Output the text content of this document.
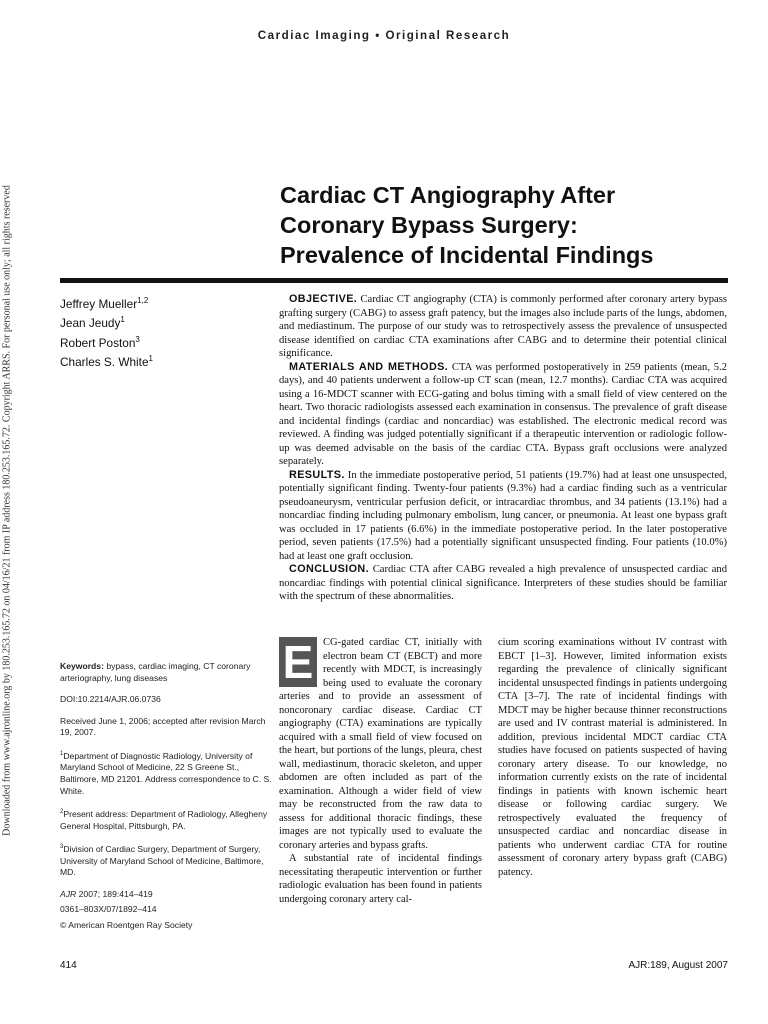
Downloaded from www.ajronline.org by 180.253.165.72 on 04/16/21 from IP address 180.253.165.72. Copyright ARRS. For personal use only; all rights reserved
Cardiac Imaging • Original Research
Cardiac CT Angiography After
Coronary Bypass Surgery:
Prevalence of Incidental Findings
Jeffrey Mueller$^{1,2}$
Jean Jeudy$^1$
Robert Poston$^3$
Charles S. White$^1$

OBJECTIVE. Cardiac CT angiography (CTA) is commonly performed after coronary artery bypass grafting surgery (CABG) to assess graft patency, but the images also include parts of the lungs, abdomen, and mediastinum. The purpose of our study was to retrospectively assess the prevalence of unsuspected disease identified on cardiac CTA examinations after CABG and to determine their potential clinical significance.

MATERIALS AND METHODS. CTA was performed postoperatively in 259 patients (mean, 5.2 days), and 40 patients underwent a follow-up CT scan (mean, 12.7 months). Cardiac CTA was acquired using a 16-MDCT scanner with ECG-gating and bolus timing with a small field of view centered on the heart. Two thoracic radiologists assessed each examination in consensus. The prevalence of graft disease and incidental findings (cardiac and noncardiac) was established. The electronic medical record was reviewed. A finding was judged potentially significant if a therapeutic intervention or radiologic follow-up was deemed advisable on the basis of the cardiac CTA. Bypass graft occlusions were analyzed separately.

RESULTS. In the immediate postoperative period, 51 patients (19.7%) had at least one unsuspected, potentially significant finding. Twenty-four patients (9.3%) had a cardiac finding such as a ventricular pseudoaneurysm, ventricular perfusion deficit, or intracardiac thrombus, and 34 patients (13.1%) had a noncardiac finding including pulmonary embolism, lung cancer, or pneumonia. At least one bypass graft was occluded in 17 patients (6.6%) in the immediate postoperative period. In the later postoperative period, seven patients (17.5%) had a potentially significant unsuspected finding. Four patients (10.0%) had at least one graft occlusion.

CONCLUSION. Cardiac CTA after CABG revealed a high prevalence of unsuspected cardiac and noncardiac findings with potential clinical significance. Interpreters of these studies should be familiar with the spectrum of these abnormalities.

Keywords: bypass, cardiac imaging, CT coronary arteriography, lung diseases

DOI:10.2214/AJR.06.0736

Received June 1, 2006; accepted after revision March 19, 2007.

$^1$Department of Diagnostic Radiology, University of Maryland School of Medicine, 22 S Greene St., Baltimore, MD 21201. Address correspondence to C. S. White.

$^2$Present address: Department of Radiology, Allegheny General Hospital, Pittsburgh, PA.

$^3$Division of Cardiac Surgery, Department of Surgery, University of Maryland School of Medicine, Baltimore, MD.

AJR 2007; 189:414–419

0361–803X/07/1892–414

© American Roentgen Ray Society

E CG-gated cardiac CT, initially with electron beam CT (EBCT) and more recently with MDCT, is increasingly being used to evaluate the coronary arteries and to provide an assessment of noncoronary cardiac disease. Cardiac CT angiography (CTA) examinations are typically acquired with a small field of view focused on the heart, but portions of the lungs, pleura, chest wall, mediastinum, thoracic skeleton, and upper abdomen are often included as part of the examination. Although a wider field of view may be reconstructed from the raw data to assess for additional thoracic findings, these images are not typically used to evaluate the coronary arteries and bypass grafts.

A substantial rate of incidental findings necessitating therapeutic intervention or further radiologic evaluation has been found in patients undergoing coronary artery cal-

cium scoring examinations without IV contrast with EBCT [1–3]. However, limited information exists regarding the prevalence of clinically significant incidental unsuspected findings in patients undergoing CTA [3–7]. The rate of incidental findings with MDCT may be higher because thinner reconstructions are used and IV contrast material is administered. In addition, previous incidental MDCT cardiac CTA studies have focused on patients suspected of having coronary artery disease. To our knowledge, no information currently exists on the rate of incidental findings in patients with known ischemic heart disease or following cardiac surgery. We retrospectively evaluated the frequency of unsuspected cardiac and noncardiac disease in patients who underwent cardiac CTA for routine assessment of coronary artery bypass graft (CABG) patency.

414	AJR:189, August 2007
